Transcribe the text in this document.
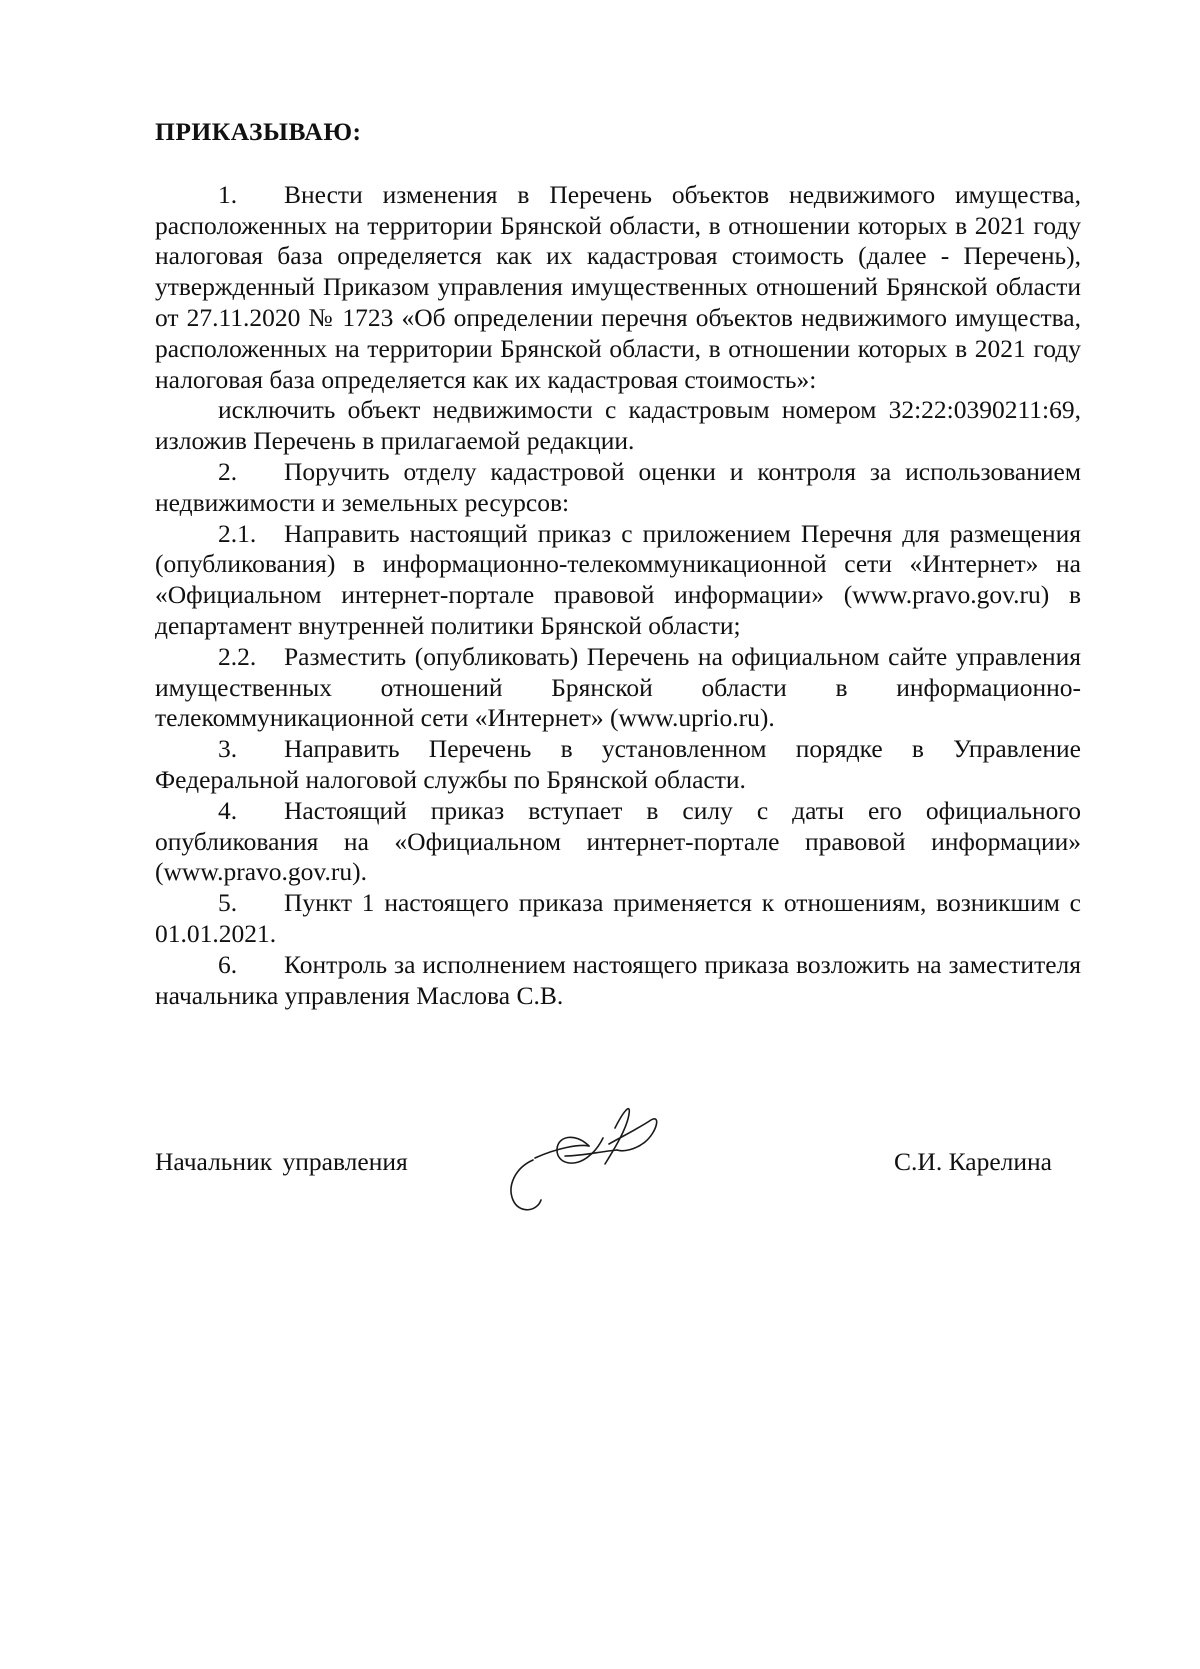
ПРИКАЗЫВАЮ:

1. Внести изменения в Перечень объектов недвижимого имущества, расположенных на территории Брянской области, в отношении которых в 2021 году налоговая база определяется как их кадастровая стоимость (далее - Перечень), утвержденный Приказом управления имущественных отношений Брянской области от 27.11.2020 № 1723 «Об определении перечня объектов недвижимого имущества, расположенных на территории Брянской области, в отношении которых в 2021 году налоговая база определяется как их кадастровая стоимость»:

исключить объект недвижимости с кадастровым номером 32:22:0390211:69, изложив Перечень в прилагаемой редакции.

2. Поручить отделу кадастровой оценки и контроля за использованием недвижимости и земельных ресурсов:

2.1. Направить настоящий приказ с приложением Перечня для размещения (опубликования) в информационно-телекоммуникационной сети «Интернет» на «Официальном интернет-портале правовой информации» (www.pravo.gov.ru) в департамент внутренней политики Брянской области;

2.2. Разместить (опубликовать) Перечень на официальном сайте управления имущественных отношений Брянской области в информационно-телекоммуникационной сети «Интернет» (www.uprio.ru).

3. Направить Перечень в установленном порядке в Управление Федеральной налоговой службы по Брянской области.

4. Настоящий приказ вступает в силу с даты его официального опубликования на «Официальном интернет-портале правовой информации» (www.pravo.gov.ru).

5. Пункт 1 настоящего приказа применяется к отношениям, возникшим с 01.01.2021.

6. Контроль за исполнением настоящего приказа возложить на заместителя начальника управления Маслова С.В.

Начальник управления	С.И. Карелина
